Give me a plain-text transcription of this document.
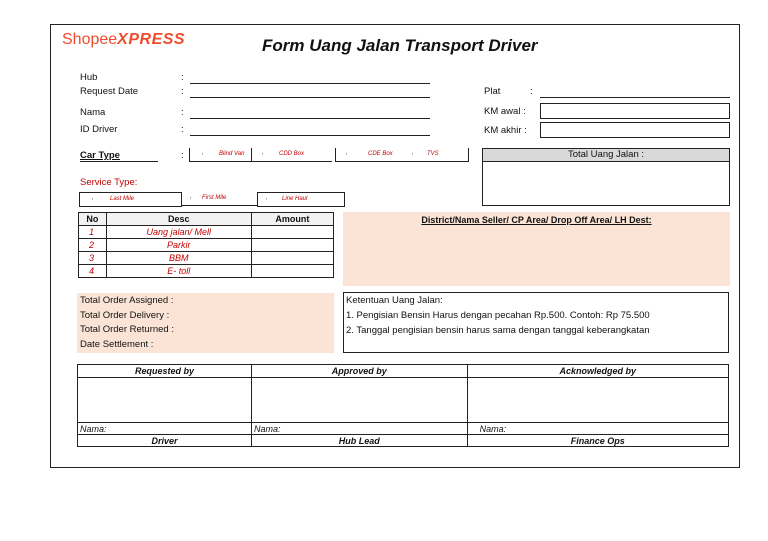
ShopeeXPRESS	Form Uang Jalan Transport Driver
Hub	:
Request Date	:
Nama	:
ID Driver	:
Plat	:
KM awal :
KM akhir :
Car Type	:	,	Blind Van	,	CDD Box	,	CDE Box	, TVS	Total Uang Jalan :
Service Type:
,	Last Mile	, First Mile	, Line Haul
No	Desc	Amount
1	Uang jalan/ Mell	
2	Parkir	
3	BBM	
4	E- toll	
District/Nama Seller/ CP Area/ Drop Off Area/ LH Dest:
Total Order Assigned :
Total Order Delivery :
Total Order Returned :
Date Settlement :
Ketentuan Uang Jalan:
1. Pengisian Bensin Harus dengan pecahan Rp.500. Contoh: Rp 75.500
2. Tanggal pengisian bensin harus sama dengan tanggal keberangkatan
Requested by	Approved by	Acknowledged by

Nama:	Nama:	Nama:
Driver	Hub Lead	Finance Ops
